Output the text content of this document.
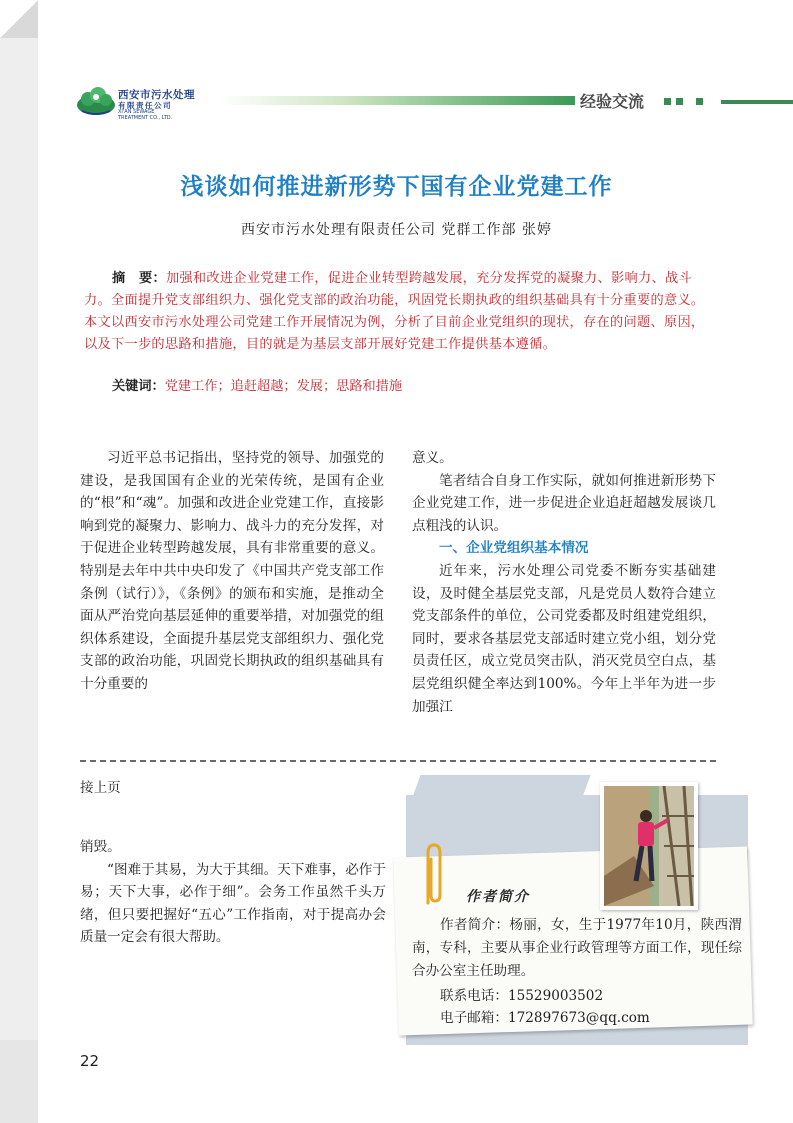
西安市污水处理
有限责任公司
XI'AN SEWAGE
TREATMENT CO., LTD.
经验交流
浅谈如何推进新形势下国有企业党建工作
西安市污水处理有限责任公司 党群工作部 张婷
摘　要：加强和改进企业党建工作，促进企业转型跨越发展，充分发挥党的凝聚力、影响力、战斗力。全面提升党支部组织力、强化党支部的政治功能，巩固党长期执政的组织基础具有十分重要的意义。本文以西安市污水处理公司党建工作开展情况为例，分析了目前企业党组织的现状，存在的问题、原因，以及下一步的思路和措施，目的就是为基层支部开展好党建工作提供基本遵循。
关键词：党建工作；追赶超越；发展；思路和措施

习近平总书记指出，坚持党的领导、加强党的建设，是我国国有企业的光荣传统，是国有企业的“根”和“魂”。加强和改进企业党建工作，直接影响到党的凝聚力、影响力、战斗力的充分发挥，对于促进企业转型跨越发展，具有非常重要的意义。特别是去年中共中央印发了《中国共产党支部工作条例（试行）》，《条例》的颁布和实施，是推动全面从严治党向基层延伸的重要举措，对加强党的组织体系建设，全面提升基层党支部组织力、强化党支部的政治功能，巩固党长期执政的组织基础具有十分重要的

意义。

笔者结合自身工作实际，就如何推进新形势下企业党建工作，进一步促进企业追赶超越发展谈几点粗浅的认识。

一、企业党组织基本情况

近年来，污水处理公司党委不断夯实基础建设，及时健全基层党支部，凡是党员人数符合建立党支部条件的单位，公司党委都及时组建党组织，同时，要求各基层党支部适时建立党小组，划分党员责任区，成立党员突击队，消灭党员空白点，基层党组织健全率达到100%。今年上半年为进一步加强江

接上页

销毁。

“图难于其易，为大于其细。天下难事，必作于易；天下大事，必作于细”。会务工作虽然千头万绪，但只要把握好“五心”工作指南，对于提高办会质量一定会有很大帮助。

作者简介

作者简介：杨丽，女，生于1977年10月，陕西渭南，专科，主要从事企业行政管理等方面工作，现任综合办公室主任助理。

联系电话：15529003502
电子邮箱：172897673@qq.com
22
